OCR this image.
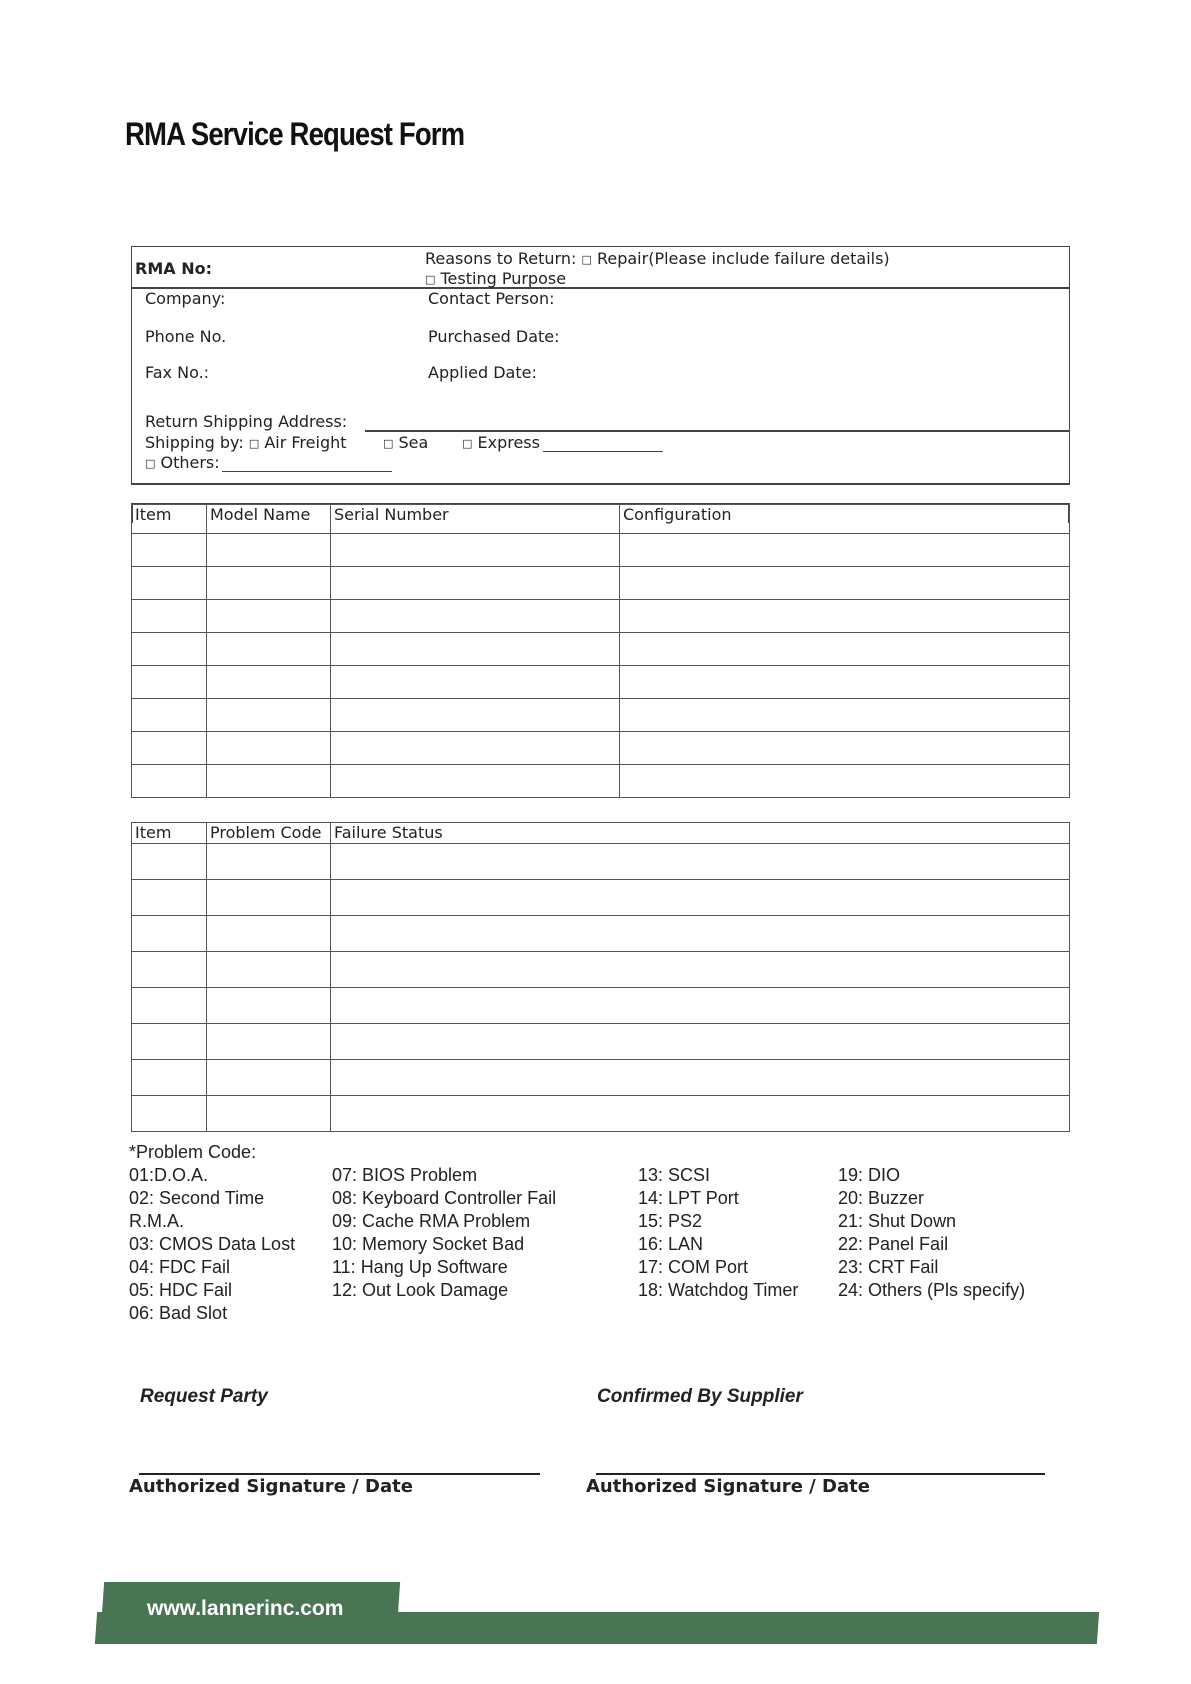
RMA Service Request Form
RMA No:
Reasons to Return: □ Repair(Please include failure details)
□ Testing Purpose
Company:	Contact Person:
Phone No.	Purchased Date:
Fax No.:	Applied Date:
Return Shipping Address:
Shipping by: □ Air Freight	□ Sea	□ Express
□ Others:
Item	Model Name	Serial Number	Configuration

Item	Problem Code	Failure Status

*Problem Code:
01:D.O.A.
02: Second Time
R.M.A.
03: CMOS Data Lost
04: FDC Fail
05: HDC Fail
06: Bad Slot
07: BIOS Problem
08: Keyboard Controller Fail
09: Cache RMA Problem
10: Memory Socket Bad
11: Hang Up Software
12: Out Look Damage
13: SCSI
14: LPT Port
15: PS2
16: LAN
17: COM Port
18: Watchdog Timer
19: DIO
20: Buzzer
21: Shut Down
22: Panel Fail
23: CRT Fail
24: Others (Pls specify)
Request Party	Confirmed By Supplier
Authorized Signature / Date	Authorized Signature / Date
www.lannerinc.com
